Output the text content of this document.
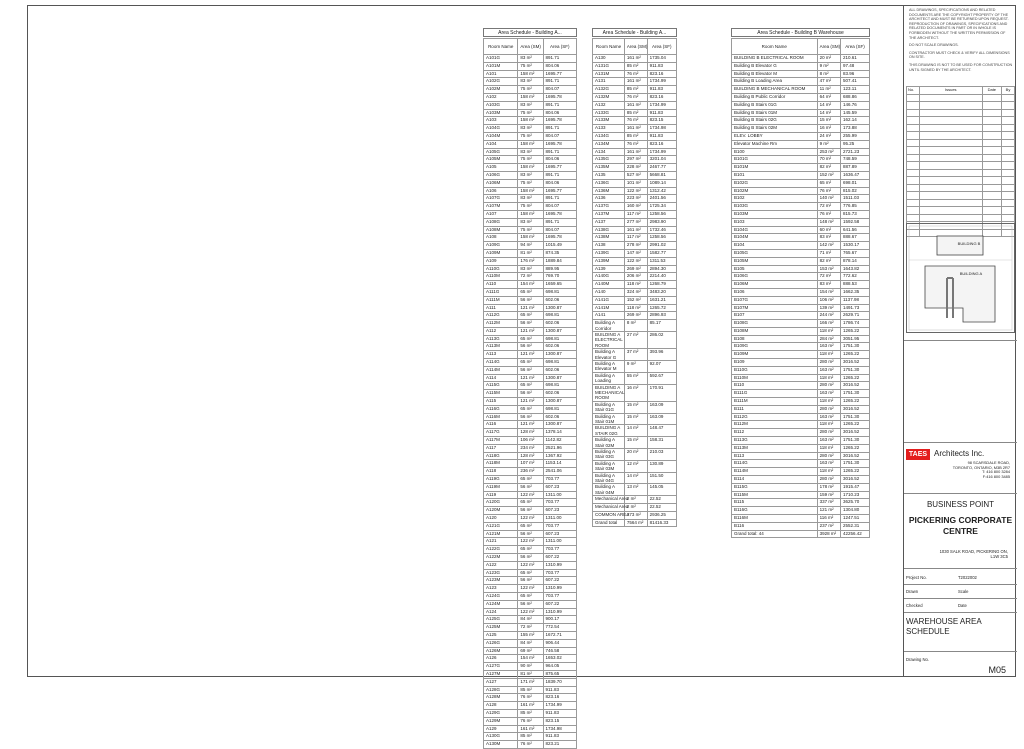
Area Schedule - Building A...
Room Name	Area (SM)	Area (SF)
A101G	83 m²	891.71
A101M	75 m²	804.06
A101	158 m²	1695.77
A102G	83 m²	891.71
A102M	75 m²	804.07
A102	158 m²	1695.78
A103G	83 m²	891.71
A103M	75 m²	804.06
A103	158 m²	1695.78
A104G	83 m²	891.71
A104M	75 m²	804.07
A104	158 m²	1695.78
A105G	83 m²	891.71
A105M	75 m²	804.06
A105	158 m²	1695.77
A106G	83 m²	891.71
A106M	75 m²	804.06
A106	158 m²	1695.77
A107G	83 m²	891.71
A107M	75 m²	804.07
A107	158 m²	1695.78
A108G	83 m²	891.71
A108M	75 m²	804.07
A108	158 m²	1695.78
A109G	94 m²	1015.49
A109M	81 m²	874.35
A109	176 m²	1889.84
A110G	83 m²	889.95
A110M	72 m²	769.70
A110	154 m²	1659.65
A111G	65 m²	698.81
A111M	56 m²	602.06
A111	121 m²	1300.87
A112G	65 m²	698.81
A112M	56 m²	602.06
A112	121 m²	1300.87
A113G	65 m²	698.81
A113M	56 m²	602.06
A113	121 m²	1300.87
A114G	65 m²	698.81
A114M	56 m²	602.06
A114	121 m²	1300.87
A115G	65 m²	698.81
A115M	56 m²	602.06
A115	121 m²	1300.87
A116G	65 m²	698.81
A116M	56 m²	602.06
A116	121 m²	1300.87
A117G	128 m²	1378.14
A117M	106 m²	1142.82
A117	234 m²	2521.96
A118G	128 m²	1367.92
A118M	107 m²	1153.14
A118	236 m²	2541.06
A119G	65 m²	703.77
A119M	56 m²	607.23
A119	122 m²	1311.00
A120G	65 m²	703.77
A120M	56 m²	607.23
A120	122 m²	1311.00
A121G	65 m²	703.77
A121M	56 m²	607.23
A121	122 m²	1311.00
A122G	65 m²	703.77
A122M	56 m²	607.22
A122	122 m²	1310.99
A123G	65 m²	703.77
A123M	56 m²	607.22
A123	122 m²	1310.99
A124G	65 m²	703.77
A124M	56 m²	607.22
A124	122 m²	1310.99
A125G	84 m²	900.17
A125M	72 m²	772.54
A125	155 m²	1672.71
A126G	84 m²	906.44
A126M	69 m²	746.58
A126	154 m²	1653.02
A127G	90 m²	964.05
A127M	81 m²	875.65
A127	171 m²	1839.70
A128G	85 m²	911.83
A128M	76 m²	823.16
A128	161 m²	1734.99
A129G	85 m²	911.83
A129M	76 m²	823.15
A129	161 m²	1734.98
A130G	85 m²	911.83
A130M	76 m²	823.21
Area Schedule - Building A...
Room Name	Area (SM)	Area (SF)
A130	161 m²	1735.04
A131G	85 m²	911.83
A131M	76 m²	823.16
A131	161 m²	1734.99
A132G	85 m²	911.83
A132M	76 m²	823.16
A132	161 m²	1734.99
A133G	85 m²	911.83
A133M	76 m²	823.15
A133	161 m²	1734.98
A134G	85 m²	911.83
A134M	76 m²	823.16
A134	161 m²	1734.99
A135G	297 m²	3201.04
A135M	228 m²	2467.77
A135	527 m²	5668.81
A136G	101 m²	1089.14
A136M	122 m²	1312.42
A136	223 m²	2401.56
A137G	160 m²	1725.34
A137M	117 m²	1258.56
A137	277 m²	2983.90
A138G	161 m²	1732.46
A138M	117 m²	1258.56
A138	278 m²	2991.02
A139G	147 m²	1582.77
A139M	122 m²	1311.53
A139	269 m²	2894.30
A140G	206 m²	2214.40
A140M	118 m²	1268.79
A140	324 m²	3483.20
A141G	152 m²	1631.21
A141M	118 m²	1265.72
A141	269 m²	2896.93
Building A Corridor	8 m²	85.17
BUILDING A ELECTRICAL ROOM	27 m²	286.02
Building A Elevator G	37 m²	393.96
Building A Elevator M	9 m²	92.07
Building A Loading	55 m²	592.67
BUILDING A MECHANICAL ROOM	16 m²	170.91
Building A Stair 01G	15 m²	163.09
Building A Stair 01M	15 m²	163.09
BUILDING A STAIR 02G	14 m²	148.47
Building A Stair 02M	15 m²	158.31
Building A Stair 03G	20 m²	210.03
Building A Stair 03M	12 m²	130.89
Building A Stair 04G	14 m²	151.50
Building A Stair 04M	13 m²	145.05
Mechanical Area	2 m²	22.52
Mechanical Area	2 m²	22.52
COMMON AREA	273 m²	2936.25
Grand total	7564 m²	81416.33
Area Schedule - Building B Warehouse
Room Name	Area (SM)	Area (SF)
BUILDING B ELECTRICAL ROOM	20 m²	210.61
Building B Elevator G	9 m²	97.48
Building B Elevator M	8 m²	83.96
Building B Loading Area	47 m²	507.41
BUILDING B MECHANICAL ROOM	11 m²	123.11
Building B Public Corridor	64 m²	688.86
Building B Stairs 01G	14 m²	146.76
Building B Stairs 01M	14 m²	145.59
Building B Stairs 02G	15 m²	162.14
Building B Stairs 02M	16 m²	173.88
ELEV. LOBBY	24 m²	255.99
Elevator Machine Rm	9 m²	95.25
B100	253 m²	2721.23
B101G	70 m²	748.59
B101M	82 m²	887.89
B101	152 m²	1636.47
B102G	65 m²	698.01
B102M	76 m²	815.02
B102	140 m²	1511.03
B103G	72 m²	776.85
B103M	76 m²	815.73
B103	148 m²	1592.58
B104G	60 m²	641.56
B104M	83 m²	888.67
B104	142 m²	1530.17
B105G	71 m²	765.67
B105M	82 m²	878.14
B105	153 m²	1643.82
B106G	72 m²	772.62
B106M	83 m²	888.53
B106	154 m²	1662.35
B107G	106 m²	1137.98
B107M	139 m²	1491.73
B107	244 m²	2629.71
B108G	166 m²	1786.74
B108M	118 m²	1265.22
B108	284 m²	3051.95
B109G	163 m²	1751.30
B109M	118 m²	1265.22
B109	280 m²	3016.52
B110G	163 m²	1751.30
B110M	118 m²	1265.22
B110	280 m²	3016.52
B111G	163 m²	1751.30
B111M	118 m²	1265.22
B111	280 m²	3016.52
B112G	163 m²	1751.30
B112M	118 m²	1265.22
B112	280 m²	3016.52
B113G	163 m²	1751.30
B113M	118 m²	1265.22
B113	280 m²	3016.52
B114G	163 m²	1751.30
B114M	118 m²	1265.22
B114	280 m²	3016.52
B115G	178 m²	1915.47
B115M	159 m²	1710.23
B115	337 m²	3625.70
B116G	121 m²	1304.80
B116M	116 m²	1247.51
B116	237 m²	2552.31
Grand total: 44	3928 m²	42256.42

ALL DRAWINGS, SPECIFICATIONS AND RELATED DOCUMENTS ARE THE COPYRIGHT PROPERTY OF THE ARCHITECT AND MUST BE RETURNED UPON REQUEST. REPRODUCTION OF DRAWINGS, SPECIFICATIONS AND RELATED DOCUMENTS IN PART OR IN WHOLE IS FORBIDDEN WITHOUT THE WRITTEN PERMISSION OF THE ARCHITECT.

DO NOT SCALE DRAWINGS.

CONTRACTOR MUST CHECK & VERIFY ALL DIMENSIONS ON SITE.

THIS DRAWING IS NOT TO BE USED FOR CONSTRUCTION UNTIL SIGNED BY THE ARCHITECT.

No.	Issues	Date	By

BUILDING B
BUILDING A
TAES Architects Inc.
98 SCARSDALE ROAD,
TORONTO, ONTARIO, M3B 2R7
T: 416 800 3284
F:416 800 3485
BUSINESS POINT
PICKERING CORPORATE
CENTRE
1030 SALK ROAD, PICKERING ON,
L1W 3C5
Project No.	T2022002
Drawn	Scale
Checked	Date
WAREHOUSE AREA
SCHEDULE
Drawing No.
M05
